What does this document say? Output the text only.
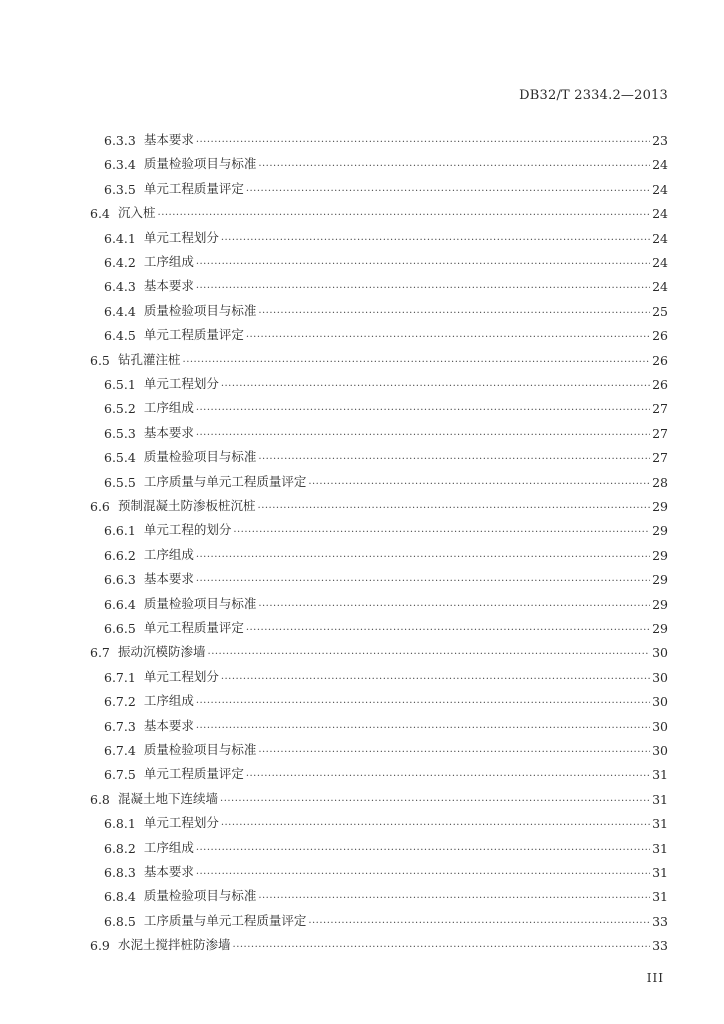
DB32/T 2334.2—2013
6.3.3 基本要求 .....	23
6.3.4 质量检验项目与标准 .....	24
6.3.5 单元工程质量评定 .....	24
6.4 沉入桩 .....	24
6.4.1 单元工程划分 .....	24
6.4.2 工序组成 .....	24
6.4.3 基本要求 .....	24
6.4.4 质量检验项目与标准 .....	25
6.4.5 单元工程质量评定 .....	26
6.5 钻孔灌注桩 .....	26
6.5.1 单元工程划分 .....	26
6.5.2 工序组成 .....	27
6.5.3 基本要求 .....	27
6.5.4 质量检验项目与标准 .....	27
6.5.5 工序质量与单元工程质量评定 .....	28
6.6 预制混凝土防渗板桩沉桩 .....	29
6.6.1 单元工程的划分 .....	29
6.6.2 工序组成 .....	29
6.6.3 基本要求 .....	29
6.6.4 质量检验项目与标准 .....	29
6.6.5 单元工程质量评定 .....	29
6.7 振动沉模防渗墙 .....	30
6.7.1 单元工程划分 .....	30
6.7.2 工序组成 .....	30
6.7.3 基本要求 .....	30
6.7.4 质量检验项目与标准 .....	30
6.7.5 单元工程质量评定 .....	31
6.8 混凝土地下连续墙 .....	31
6.8.1 单元工程划分 .....	31
6.8.2 工序组成 .....	31
6.8.3 基本要求 .....	31
6.8.4 质量检验项目与标准 .....	31
6.8.5 工序质量与单元工程质量评定 .....	33
6.9 水泥土搅拌桩防渗墙 .....	33
III
